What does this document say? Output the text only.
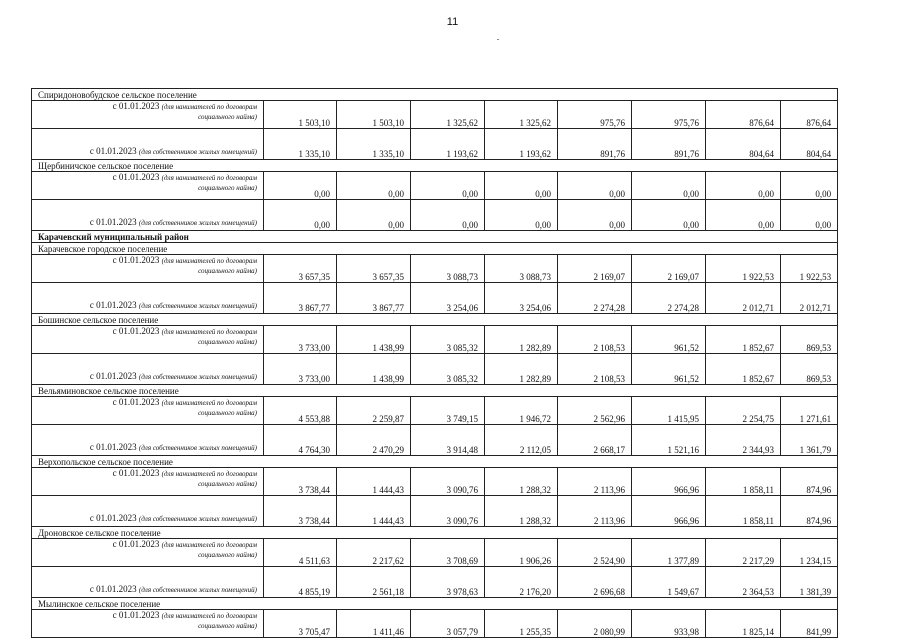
11
Спиридоновобудское сельское поселение								

с 01.01.2023 (для нанимателей по договорам
социального найма)	1 503,10	1 503,10	1 325,62	1 325,62	975,76	975,76	876,64	876,64
с 01.01.2023 (для собственников жилых помещений)	1 335,10	1 335,10	1 193,62	1 193,62	891,76	891,76	804,64	804,64
Щербиничское сельское поселение								

с 01.01.2023 (для нанимателей по договорам
социального найма)	0,00	0,00	0,00	0,00	0,00	0,00	0,00	0,00
с 01.01.2023 (для собственников жилых помещений)	0,00	0,00	0,00	0,00	0,00	0,00	0,00	0,00
Карачевский муниципальный район								
Карачевское городское поселение								

с 01.01.2023 (для нанимателей по договорам
социального найма)	3 657,35	3 657,35	3 088,73	3 088,73	2 169,07	2 169,07	1 922,53	1 922,53
с 01.01.2023 (для собственников жилых помещений)	3 867,77	3 867,77	3 254,06	3 254,06	2 274,28	2 274,28	2 012,71	2 012,71
Бошинское сельское поселение								

с 01.01.2023 (для нанимателей по договорам
социального найма)	3 733,00	1 438,99	3 085,32	1 282,89	2 108,53	961,52	1 852,67	869,53
с 01.01.2023 (для собственников жилых помещений)	3 733,00	1 438,99	3 085,32	1 282,89	2 108,53	961,52	1 852,67	869,53
Вельяминовское сельское поселение								

с 01.01.2023 (для нанимателей по договорам
социального найма)	4 553,88	2 259,87	3 749,15	1 946,72	2 562,96	1 415,95	2 254,75	1 271,61
с 01.01.2023 (для собственников жилых помещений)	4 764,30	2 470,29	3 914,48	2 112,05	2 668,17	1 521,16	2 344,93	1 361,79
Верхопольское сельское поселение								

с 01.01.2023 (для нанимателей по договорам
социального найма)	3 738,44	1 444,43	3 090,76	1 288,32	2 113,96	966,96	1 858,11	874,96
с 01.01.2023 (для собственников жилых помещений)	3 738,44	1 444,43	3 090,76	1 288,32	2 113,96	966,96	1 858,11	874,96
Дроновское сельское поселение								

с 01.01.2023 (для нанимателей по договорам
социального найма)	4 511,63	2 217,62	3 708,69	1 906,26	2 524,90	1 377,89	2 217,29	1 234,15
с 01.01.2023 (для собственников жилых помещений)	4 855,19	2 561,18	3 978,63	2 176,20	2 696,68	1 549,67	2 364,53	1 381,39
Мылинское сельское поселение								

с 01.01.2023 (для нанимателей по договорам
социального найма)	3 705,47	1 411,46	3 057,79	1 255,35	2 080,99	933,98	1 825,14	841,99
